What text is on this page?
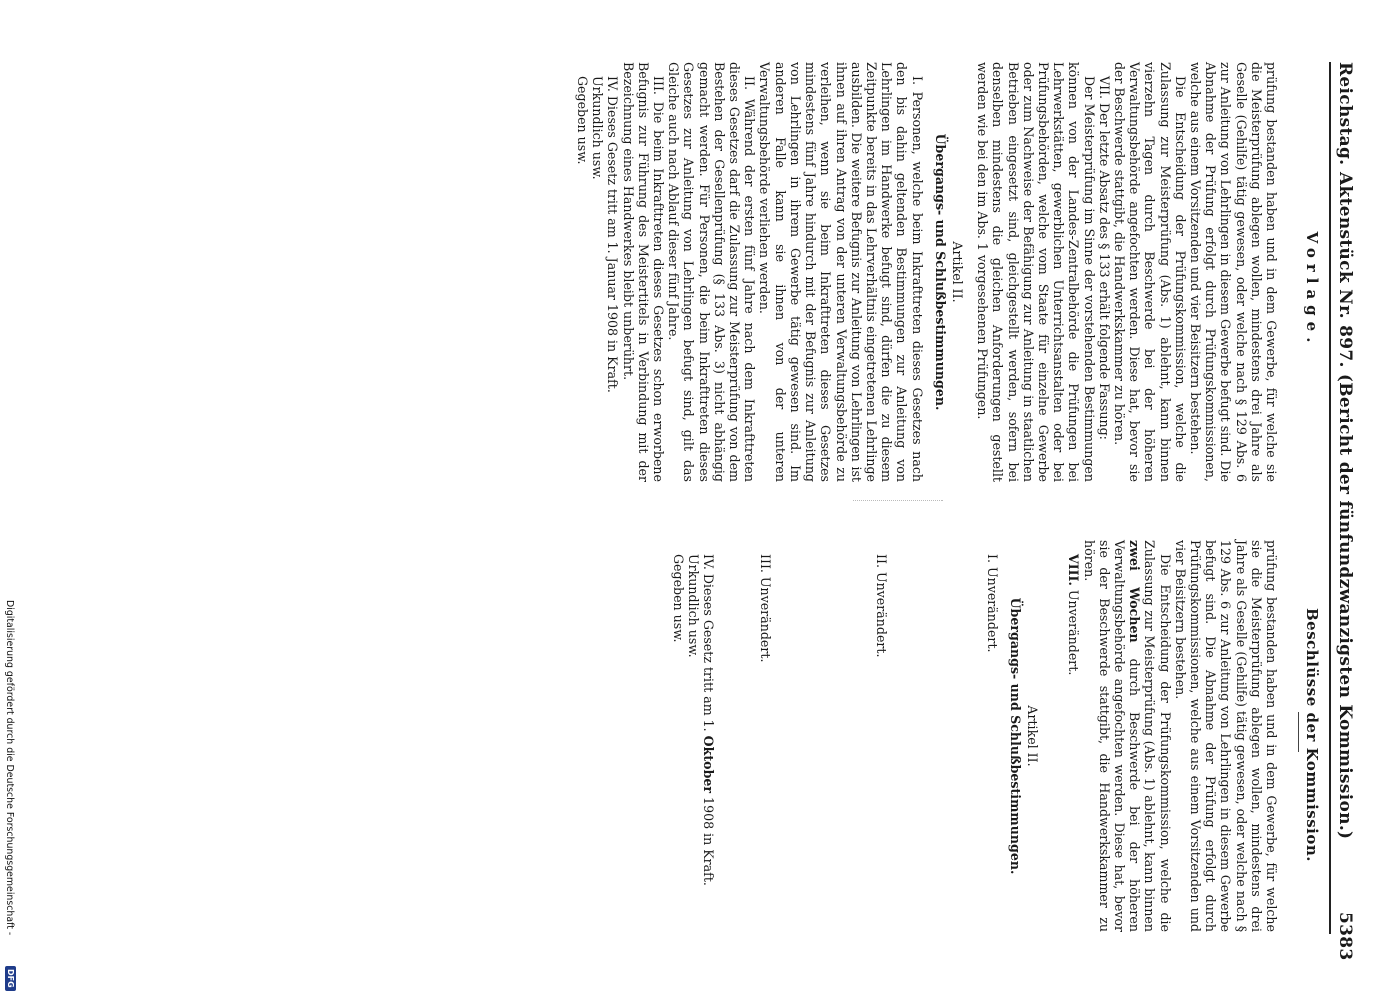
Reichstag.
Aktenstück Nr. 897. (Bericht der fünfundzwanzigsten Kommission.)
5383
Vorlage.

prüfung bestanden haben und in dem Gewerbe, für welche sie die Meisterprüfung ablegen wollen, mindestens drei Jahre als Geselle (Gehilfe) tätig gewesen, oder welche nach § 129 Abs. 6 zur Anleitung von Lehrlingen in diesem Gewerbe befugt sind. Die Abnahme der Prüfung erfolgt durch Prüfungskommissionen, welche aus einem Vorsitzenden und vier Beisitzern bestehen.

Die Entscheidung der Prüfungskommission, welche die Zulassung zur Meisterprüfung (Abs. 1) ablehnt, kann binnen vierzehn Tagen durch Beschwerde bei der höheren Verwaltungsbehörde angefochten werden. Diese hat, bevor sie der Beschwerde stattgibt, die Handwerkskammer zu hören.

VII. Der letzte Absatz des § 133 erhält folgende Fassung:

Der Meisterprüfung im Sinne der vorstehenden Bestimmungen können von der Landes-Zentralbehörde die Prüfungen bei Lehrwerkstätten, gewerblichen Unterrichtsanstalten oder bei Prüfungsbehörden, welche vom Staate für einzelne Gewerbe oder zum Nachweise der Befähigung zur Anleitung in staatlichen Betrieben eingesetzt sind, gleichgestellt werden, sofern bei denselben mindestens die gleichen Anforderungen gestellt werden wie bei den im Abs. 1 vorgesehenen Prüfungen.

Artikel II.
Übergangs- und Schlußbestimmungen.

I. Personen, welche beim Inkrafttreten dieses Gesetzes nach den bis dahin geltenden Bestimmungen zur Anleitung von Lehrlingen im Handwerke befugt sind, dürfen die zu diesem Zeitpunkte bereits in das Lehrverhältnis eingetretenen Lehrlinge ausbilden. Die weitere Befugnis zur Anleitung von Lehrlingen ist ihnen auf ihren Antrag von der unteren Verwaltungsbehörde zu verleihen, wenn sie beim Inkrafttreten dieses Gesetzes mindestens fünf Jahre hindurch mit der Befugnis zur Anleitung von Lehrlingen in ihrem Gewerbe tätig gewesen sind. Im anderen Falle kann sie ihnen von der unteren Verwaltungsbehörde verliehen werden.

II. Während der ersten fünf Jahre nach dem Inkrafttreten dieses Gesetzes darf die Zulassung zur Meisterprüfung von dem Bestehen der Gesellenprüfung (§ 133 Abs. 3) nicht abhängig gemacht werden. Für Personen, die beim Inkrafttreten dieses Gesetzes zur Anleitung von Lehrlingen befugt sind, gilt das Gleiche auch nach Ablauf dieser fünf Jahre.

III. Die beim Inkrafttreten dieses Gesetzes schon erworbene Befugnis zur Führung des Meistertitels in Verbindung mit der Bezeichnung eines Handwerkes bleibt unberührt.

IV. Dieses Gesetz tritt am 1. Januar 1908 in Kraft.

Urkundlich usw.

Gegeben usw.

Beschlüsse der Kommission.

prüfung bestanden haben und in dem Gewerbe, für welche sie die Meisterprüfung ablegen wollen, mindestens drei Jahre als Geselle (Gehilfe) tätig gewesen, oder welche nach § 129 Abs. 6 zur Anleitung von Lehrlingen in diesem Gewerbe befugt sind. Die Abnahme der Prüfung erfolgt durch Prüfungskommissionen, welche aus einem Vorsitzenden und vier Beisitzern bestehen.

Die Entscheidung der Prüfungskommission, welche die Zulassung zur Meisterprüfung (Abs. 1) ablehnt, kann binnen zwei Wochen durch Beschwerde bei der höheren Verwaltungsbehörde angefochten werden. Diese hat, bevor sie der Beschwerde stattgibt, die Handwerkskammer zu hören.

VIII. Unverändert.

Artikel II.
Übergangs- und Schlußbestimmungen.

I. Unverändert.

II. Unverändert.

III. Unverändert.

IV. Dieses Gesetz tritt am 1. Oktober 1908 in Kraft.

Urkundlich usw.

Gegeben usw.

Digitalisierung gefördert durch die Deutsche Forschungsgemeinschaft -
DFG
